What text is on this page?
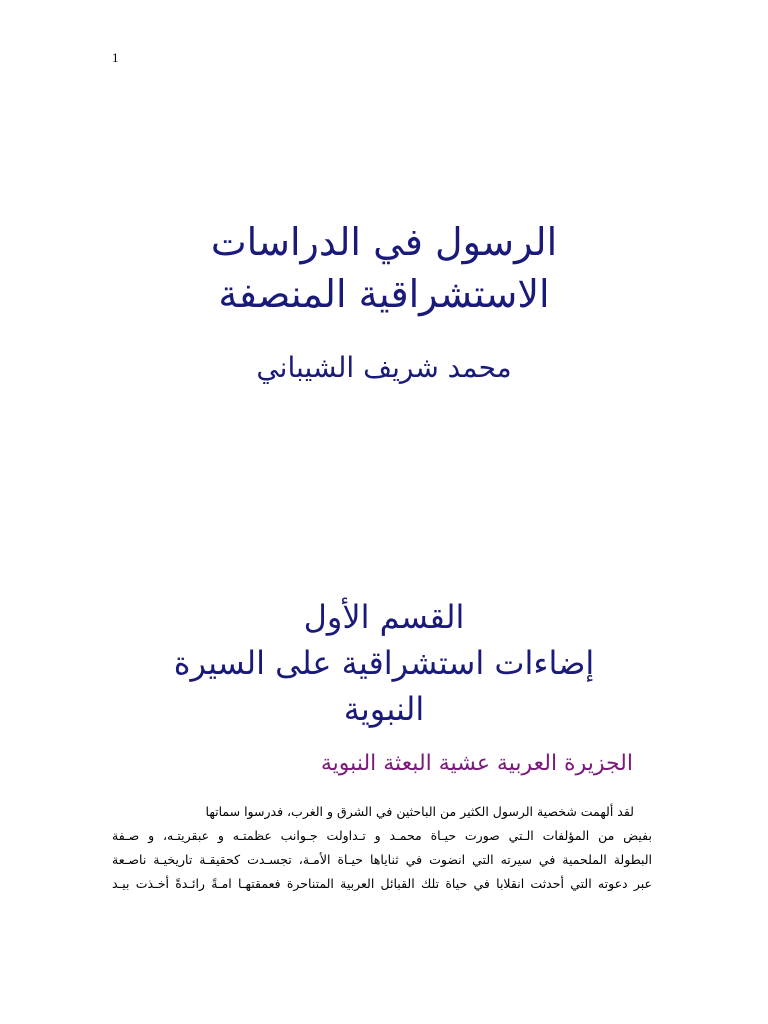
1
الرسول في الدراسات
الاستشراقية المنصفة
محمد شريف الشيباني
القسم الأول
إضاءات استشراقية على السيرة
النبوية
الجزيرة العربية عشية البعثة النبوية
لقد ألهمت شخصية الرسول الكثير من الباحثين في الشرق و الغرب، فدرسوا سماتها
بفيض من المؤلفات الـتي صورت حيـاة محمـد و تـداولت جـوانب عظمتـه و عبقريتـه، و صـفة
البطولة الملحمية في سيرته التي انضوت في ثناياها حيـاة الأمـة، تجسـدت كحقيقـة تاريخيـة ناصـعة
عبر دعوته التي أحدثت انقلابا في حياة تلك القبائل العربية المتناحرة فعمقتهـا امـةً رائـدةً أخـذت بيـد
